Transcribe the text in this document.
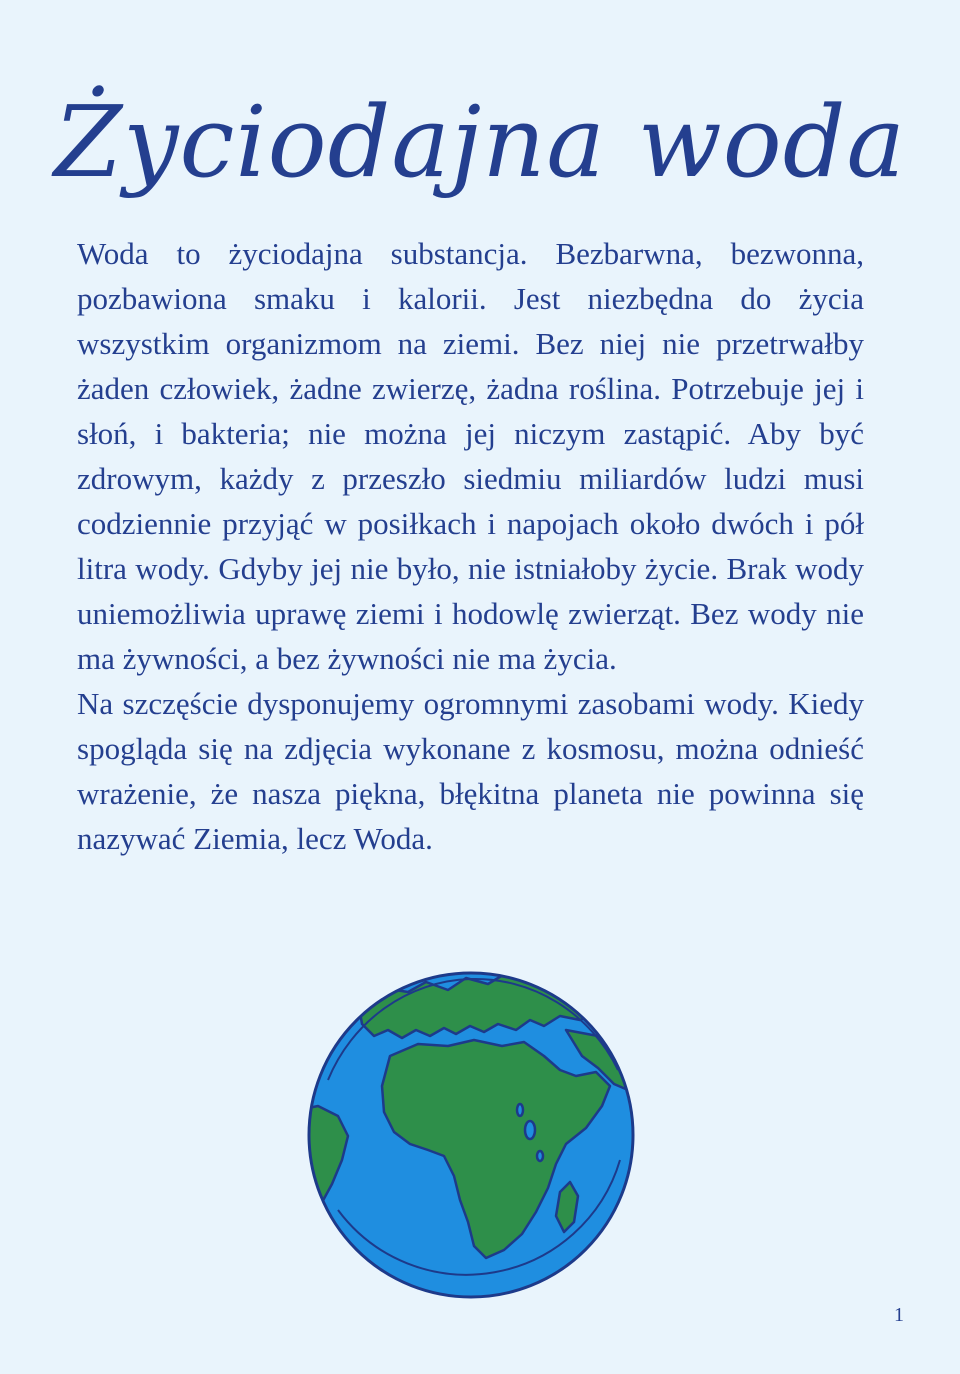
Życiodajna woda

Woda to życiodajna substancja. Bezbarwna, bezwonna, pozbawiona smaku i kalorii. Jest niezbędna do życia wszystkim organizmom na ziemi. Bez niej nie przetrwałby żaden człowiek, żadne zwierzę, żadna roślina. Potrzebuje jej i słoń, i bakteria; nie można jej niczym zastąpić. Aby być zdrowym, każdy z przeszło siedmiu miliardów ludzi musi codziennie przyjąć w posiłkach i napojach około dwóch i pół litra wody. Gdyby jej nie było, nie istniałoby życie. Brak wody uniemożliwia uprawę ziemi i hodowlę zwierząt. Bez wody nie ma żywności, a bez żywności nie ma życia.

Na szczęście dysponujemy ogromnymi zasobami wody. Kiedy spogląda się na zdjęcia wykonane z kosmosu, można odnieść wrażenie, że nasza piękna, błękitna planeta nie powinna się nazywać Ziemia, lecz Woda.

1
